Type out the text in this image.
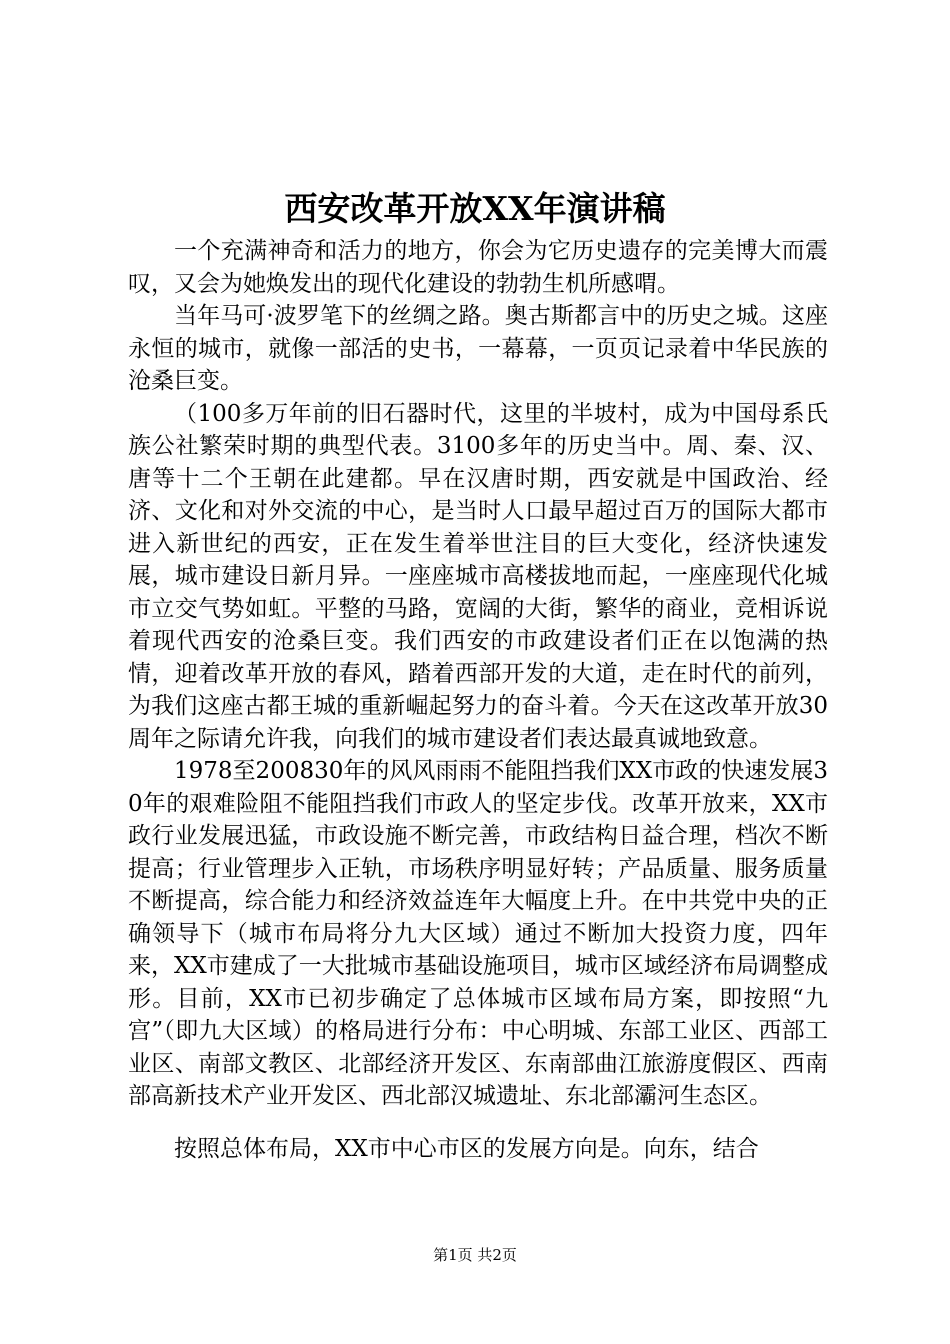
西安改革开放XX年演讲稿

一个充满神奇和活力的地方，你会为它历史遗存的完美博大而震叹，又会为她焕发出的现代化建设的勃勃生机所感喟。

当年马可·波罗笔下的丝绸之路。奥古斯都言中的历史之城。这座永恒的城市，就像一部活的史书，一幕幕，一页页记录着中华民族的沧桑巨变。

（100多万年前的旧石器时代，这里的半坡村，成为中国母系氏族公社繁荣时期的典型代表。3100多年的历史当中。周、秦、汉、唐等十二个王朝在此建都。早在汉唐时期，西安就是中国政治、经济、文化和对外交流的中心，是当时人口最早超过百万的国际大都市进入新世纪的西安，正在发生着举世注目的巨大变化，经济快速发展，城市建设日新月异。一座座城市高楼拔地而起，一座座现代化城市立交气势如虹。平整的马路，宽阔的大街，繁华的商业，竞相诉说着现代西安的沧桑巨变。我们西安的市政建设者们正在以饱满的热情，迎着改革开放的春风，踏着西部开发的大道，走在时代的前列，为我们这座古都王城的重新崛起努力的奋斗着。今天在这改革开放30周年之际请允许我，向我们的城市建设者们表达最真诚地致意。

1978至200830年的风风雨雨不能阻挡我们XX市政的快速发展30年的艰难险阻不能阻挡我们市政人的坚定步伐。改革开放来，XX市政行业发展迅猛，市政设施不断完善，市政结构日益合理，档次不断提高；行业管理步入正轨，市场秩序明显好转；产品质量、服务质量不断提高，综合能力和经济效益连年大幅度上升。在中共党中央的正确领导下（城市布局将分九大区域）通过不断加大投资力度，四年来，XX市建成了一大批城市基础设施项目，城市区域经济布局调整成形。目前，XX市已初步确定了总体城市区域布局方案，即按照“九宫”（即九大区域）的格局进行分布：中心明城、东部工业区、西部工业区、南部文教区、北部经济开发区、东南部曲江旅游度假区、西南部高新技术产业开发区、西北部汉城遗址、东北部灞河生态区。

按照总体布局，XX市中心市区的发展方向是。向东，结合

第1页 共2页
